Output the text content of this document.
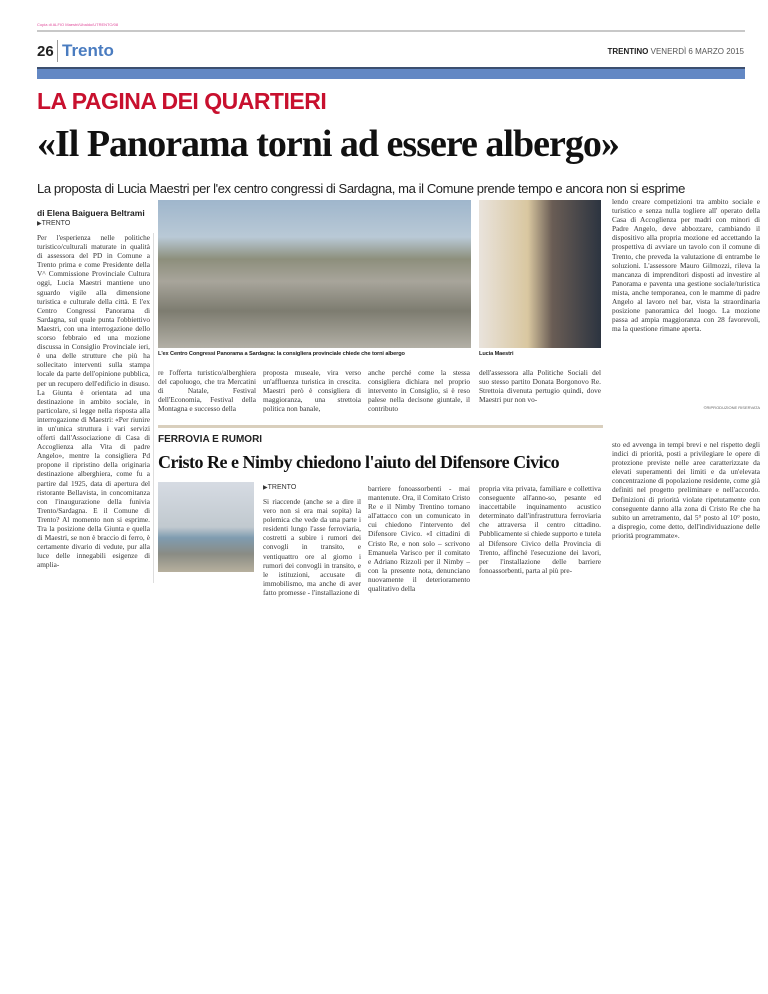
Copia di ALFIO Maestri/Ubaldo/UTRENTO/08
26 Trento	TRENTINO VENERDÌ 6 MARZO 2015
LA PAGINA DEI QUARTIERI
«Il Panorama torni ad essere albergo»
La proposta di Lucia Maestri per l'ex centro congressi di Sardagna, ma il Comune prende tempo e ancora non si esprime
di Elena Baiguera Beltrami
▶ TRENTO
Per l'esperienza nelle politiche turistico/culturali maturate in qualità di assessora del PD in Comune a Trento prima e come Presidente della V^ Commissione Provinciale Cultura oggi, Lucia Maestri mantiene uno sguardo vigile alla dimensione turistica e culturale della città. E l'ex Centro Congressi Panorama di Sardagna, sul quale punta l'obbiettivo Maestri, con una interrogazione dello scorso febbraio ed una mozione discussa in Consiglio Provinciale ieri, è una delle strutture che più ha sollecitato interventi sulla stampa locale da parte dell'opinione pubblica, per un recupero dell'edificio in disuso. La Giunta è orientata ad una destinazione in ambito sociale, in particolare, si legge nella risposta alla interrogazione di Maestri: «Per riunire in un'unica struttura i vari servizi offerti dall'Associazione di Casa di Accoglienza alla Vita di padre Angelo», mentre la consigliera Pd propone il ripristino della originaria destinazione alberghiera, come fu a partire dal 1925, data di apertura del ristorante Bellavista, in concomitanza con l'inaugurazione della funivia Trento/Sardagna. E il Comune di Trento? Al momento non si esprime. Tra la posizione della Giunta e quella di Maestri, se non è braccio di ferro, è certamente divario di vedute, pur alla luce delle innegabili esigenze di amplia-
L'ex Centro Congressi Panorama a Sardagna: la consigliera provinciale chiede che torni albergo	Lucia Maestri
re l'offerta turistico/alberghiera del capoluogo, che tra Mercatini di Natale, Festival dell'Economia, Festival della Montagna e successo della
proposta museale, vira verso un'affluenza turistica in crescita. Maestri però è consigliera di maggioranza, una strettoia politica non banale,
anche perché come la stessa consigliera dichiara nel proprio intervento in Consiglio, si è reso palese nella decisone giuntale, il contributo
dell'assessora alla Politiche Sociali del suo stesso partito Donata Borgonovo Re. Strettoia divenuta pertugio quindi, dove Maestri pur non vo-
lendo creare competizioni tra ambito sociale e turistico e senza nulla togliere all' operato della Casa di Accoglienza per madri con minori di Padre Angelo, deve abbozzare, cambiando il dispositivo alla propria mozione ed accettando la prospettiva di avviare un tavolo con il comune di Trento, che preveda la valutazione di entrambe le soluzioni. L'assessore Mauro Gilmozzi, rileva la mancanza di imprenditori disposti ad investire al Panorama e paventa una gestione sociale/turistica mista, anche temporanea, con le mamme di padre Angelo al lavoro nel bar, vista la straordinaria posizione panoramica del luogo. La mozione passa ad ampia maggioranza con 28 favorevoli, ma la questione rimane aperta.
©RIPRODUZIONE RISERVATA
FERROVIA E RUMORI
Cristo Re e Nimby chiedono l'aiuto del Difensore Civico
▶ TRENTO
Si riaccende (anche se a dire il vero non si era mai sopita) la polemica che vede da una parte i residenti lungo l'asse ferroviaria, costretti a subire i rumori dei convogli in transito, e ventiquattro ore al giorno i rumori dei convogli in transito, e le istituzioni, accusate di immobilismo, ma anche di aver fatto promesse - l'installazione di
barriere fonoassorbenti - mai mantenute. Ora, il Comitato Cristo Re e il Nimby Trentino tornano all'attacco con un comunicato in cui chiedono l'intervento del Difensore Civico. «I cittadini di Cristo Re, e non solo – scrivono Emanuela Varisco per il comitato e Adriano Rizzoli per il Nimby – con la presente nota, denunciano nuovamente il deterioramento qualitativo della
propria vita privata, familiare e collettiva conseguente all'anno-so, pesante ed inaccettabile inquinamento acustico determinato dall'infrastruttura ferroviaria che attraversa il centro cittadino. Pubblicamente si chiede supporto e tutela al Difensore Civico della Provincia di Trento, affinché l'esecuzione dei lavori, per l'installazione delle barriere fonoassorbenti, parta al più pre-
sto ed avvenga in tempi brevi e nel rispetto degli indici di priorità, posti a privilegiare le opere di protezione previste nelle aree caratterizzate da elevati superamenti dei limiti e da un'elevata concentrazione di popolazione residente, come già definiti nel progetto preliminare e nell'accordo. Definizioni di priorità violate ripetutamente con conseguente danno alla zona di Cristo Re che ha subito un arretramento, dal 5° posto al 10° posto, a dispregio, come detto, dell'individuazione delle priorità programmate».
